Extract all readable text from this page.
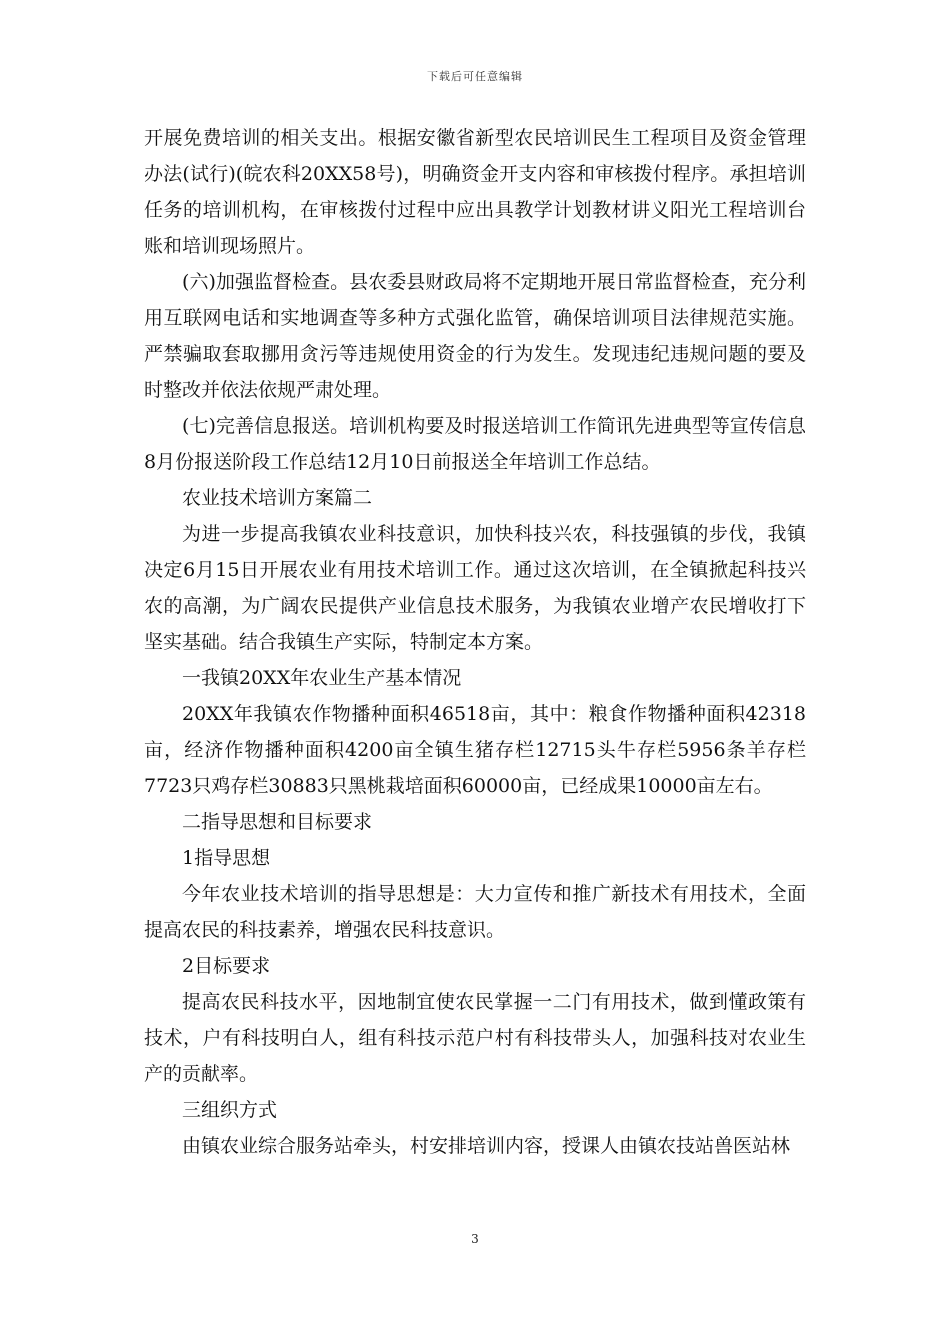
下载后可任意编辑

开展免费培训的相关支出。根据安徽省新型农民培训民生工程项目及资金管理办法(试行)(皖农科20XX58号)，明确资金开支内容和审核拨付程序。承担培训任务的培训机构，在审核拨付过程中应出具教学计划教材讲义阳光工程培训台账和培训现场照片。

(六)加强监督检查。县农委县财政局将不定期地开展日常监督检查，充分利用互联网电话和实地调查等多种方式强化监管，确保培训项目法律规范实施。严禁骗取套取挪用贪污等违规使用资金的行为发生。发现违纪违规问题的要及时整改并依法依规严肃处理。

(七)完善信息报送。培训机构要及时报送培训工作简讯先进典型等宣传信息8月份报送阶段工作总结12月10日前报送全年培训工作总结。

农业技术培训方案篇二

为进一步提高我镇农业科技意识，加快科技兴农，科技强镇的步伐，我镇决定6月15日开展农业有用技术培训工作。通过这次培训，在全镇掀起科技兴农的高潮，为广阔农民提供产业信息技术服务，为我镇农业增产农民增收打下坚实基础。结合我镇生产实际，特制定本方案。

一我镇20XX年农业生产基本情况

20XX年我镇农作物播种面积46518亩，其中：粮食作物播种面积42318亩，经济作物播种面积4200亩全镇生猪存栏12715头牛存栏5956条羊存栏7723只鸡存栏30883只黑桃栽培面积60000亩，已经成果10000亩左右。

二指导思想和目标要求

1指导思想

今年农业技术培训的指导思想是：大力宣传和推广新技术有用技术，全面提高农民的科技素养，增强农民科技意识。

2目标要求

提高农民科技水平，因地制宜使农民掌握一二门有用技术，做到懂政策有技术，户有科技明白人，组有科技示范户村有科技带头人，加强科技对农业生产的贡献率。

三组织方式

由镇农业综合服务站牵头，村安排培训内容，授课人由镇农技站兽医站林

3
